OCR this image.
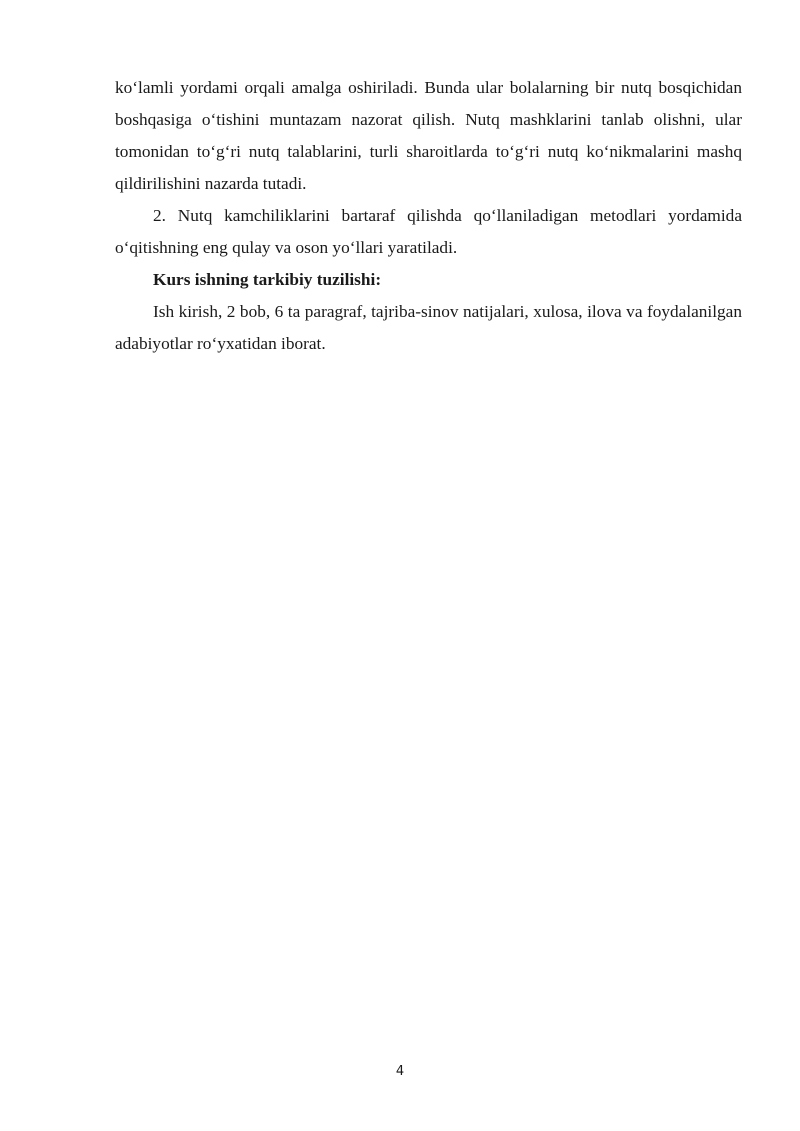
ko‘lamli yordami orqali amalga oshiriladi. Bunda ular bolalarning bir nutq bosqichidan boshqasiga o‘tishini muntazam nazorat qilish. Nutq mashklarini tanlab olishni, ular tomonidan to‘g‘ri nutq talablarini, turli sharoitlarda to‘g‘ri nutq ko‘nikmalarini mashq qildirilishini nazarda tutadi.

2. Nutq kamchiliklarini bartaraf qilishda qo‘llaniladigan metodlari yordamida o‘qitishning eng qulay va oson yo‘llari yaratiladi.

Kurs ishning tarkibiy tuzilishi:

Ish kirish, 2 bob, 6 ta paragraf, tajriba-sinov natijalari, xulosa, ilova va foydalanilgan adabiyotlar ro‘yxatidan iborat.

4
